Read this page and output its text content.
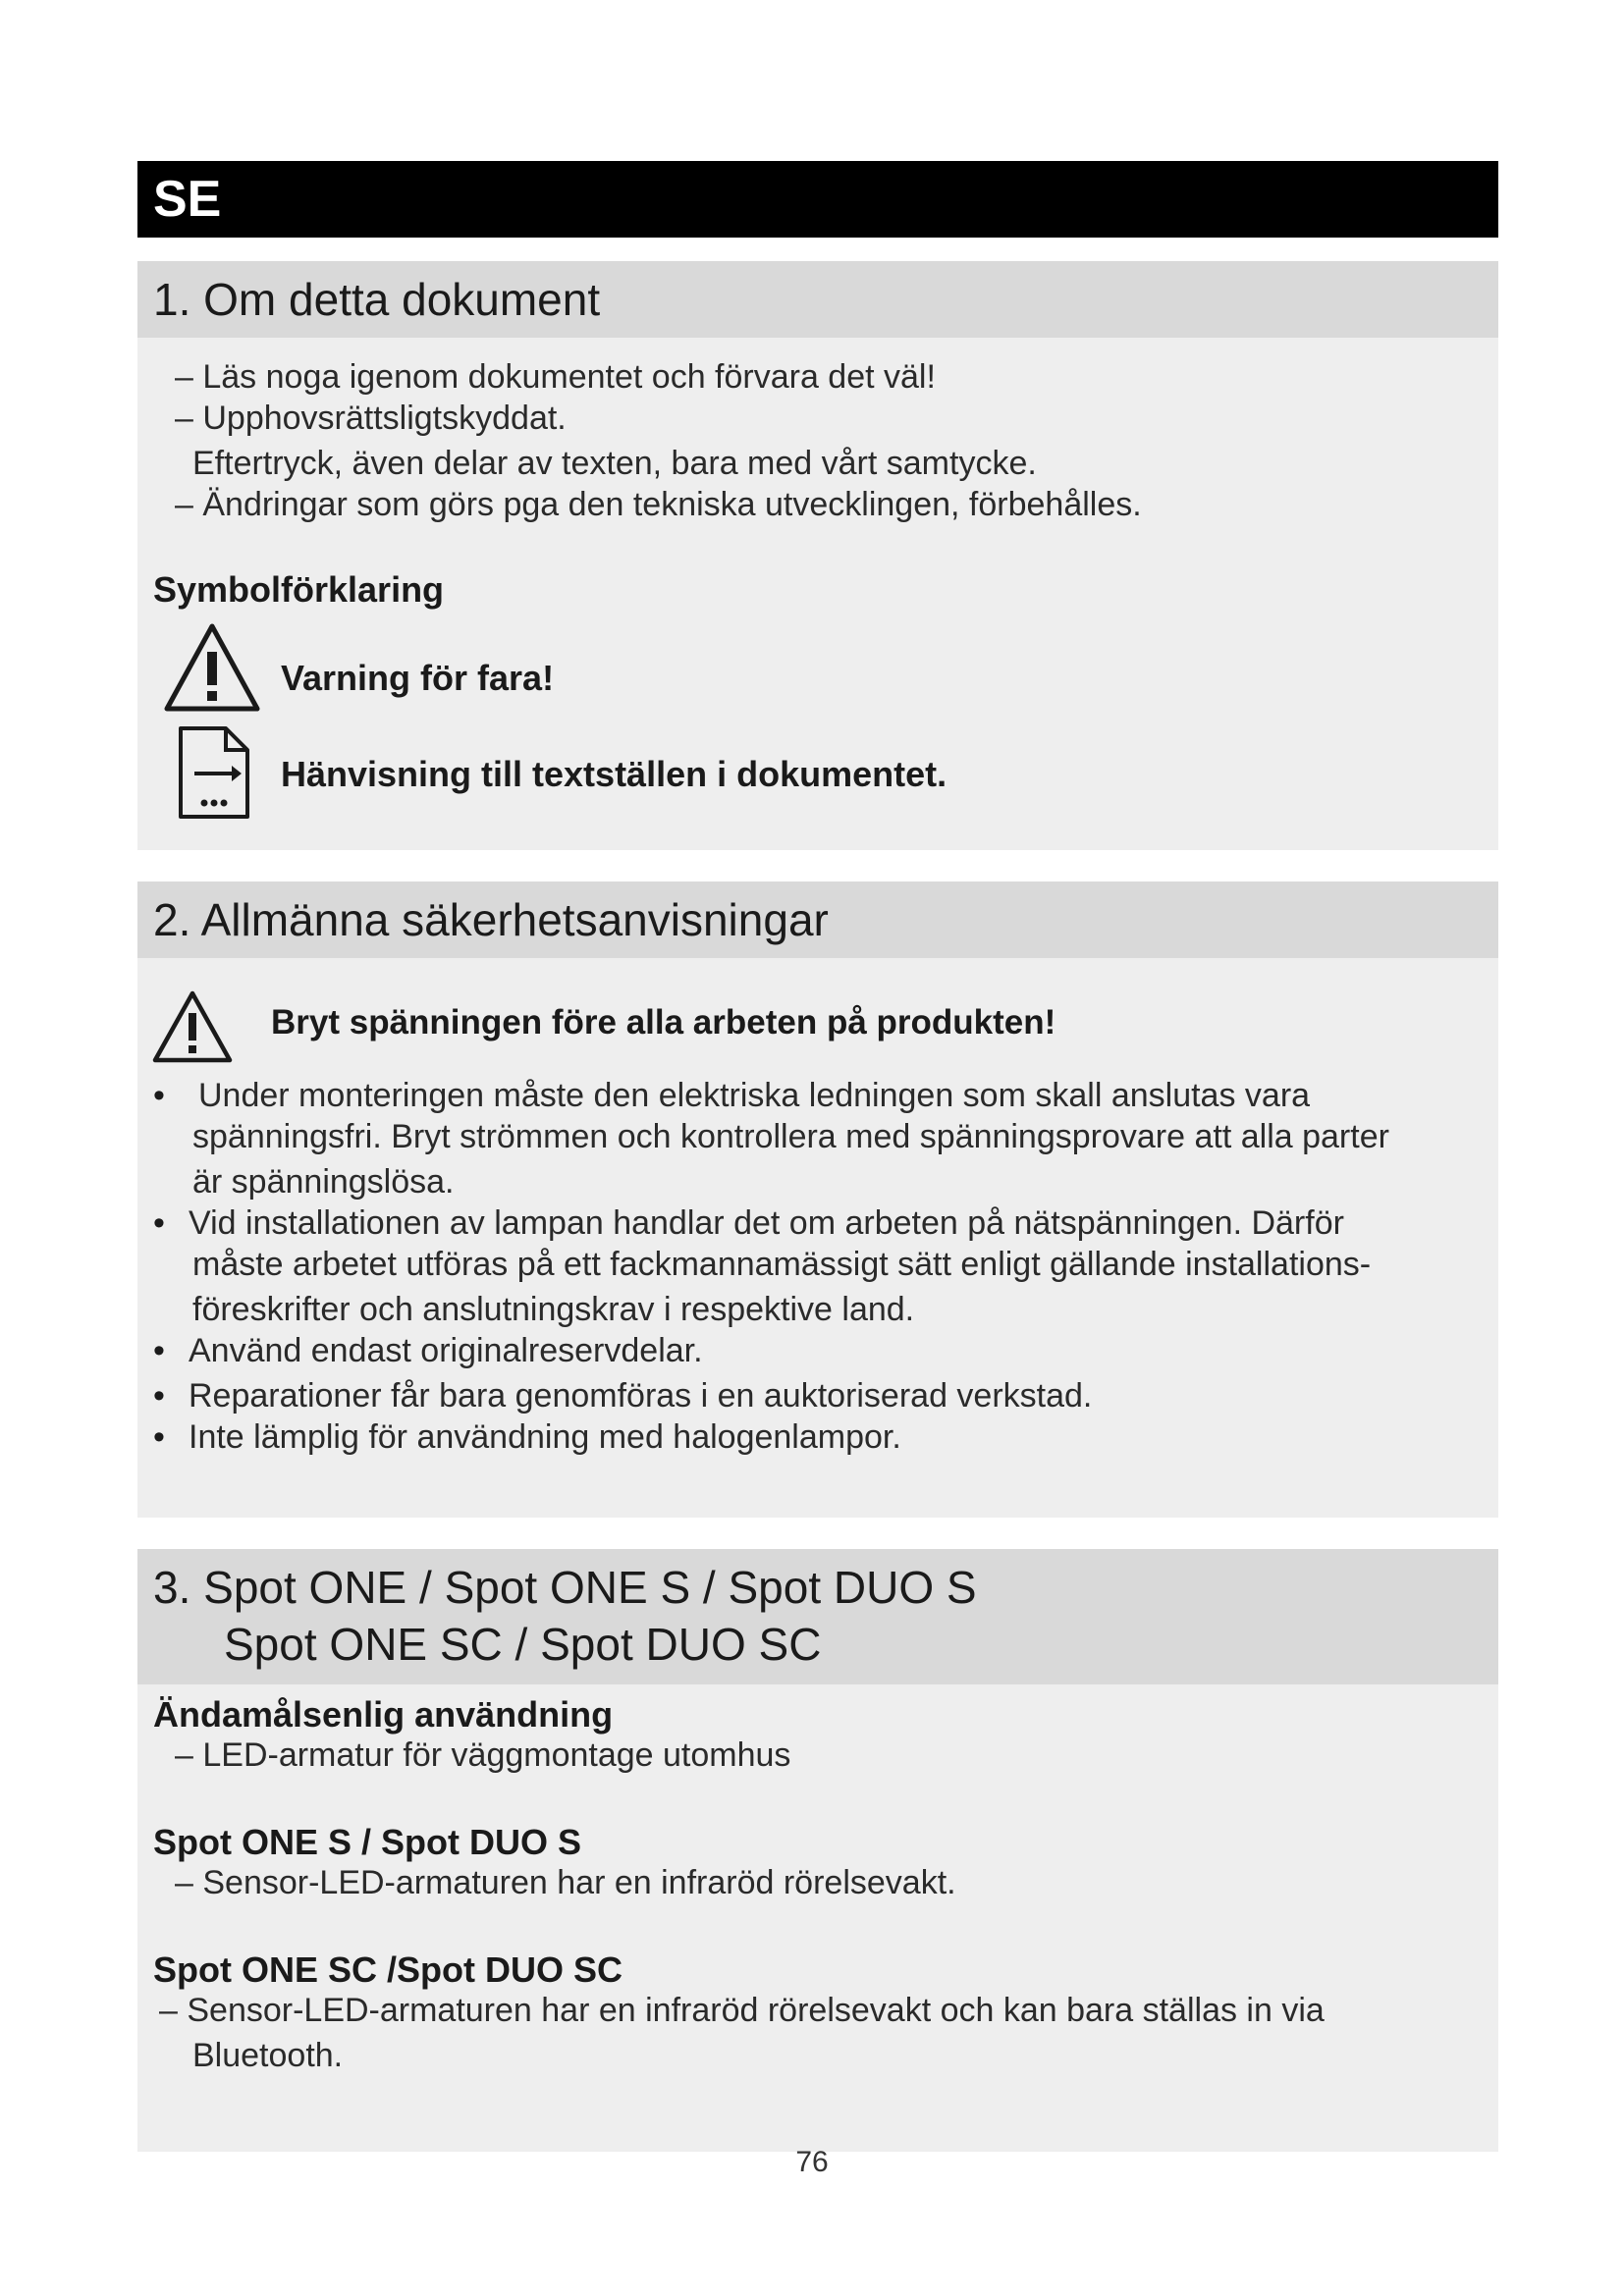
SE
1. Om detta dokument
– Läs noga igenom dokumentet och förvara det väl!
– Upphovsrättsligtskyddat.
Eftertryck, även delar av texten, bara med vårt samtycke.
– Ändringar som görs pga den tekniska utvecklingen, förbehålles.
Symbolförklaring
Varning för fara!
Hänvisning till textställen i dokumentet.
2. Allmänna säkerhetsanvisningar
Bryt spänningen före alla arbeten på produkten!
• Under monteringen måste den elektriska ledningen som skall anslutas vara
spänningsfri. Bryt strömmen och kontrollera med spänningsprovare att alla parter
är spänningslösa.
• Vid installationen av lampan handlar det om arbeten på nätspänningen. Därför
måste arbetet utföras på ett fackmannamässigt sätt enligt gällande installations-
föreskrifter och anslutningskrav i respektive land.
• Använd endast originalreservdelar.
• Reparationer får bara genomföras i en auktoriserad verkstad.
• Inte lämplig för användning med halogenlampor.
3. Spot ONE / Spot ONE S / Spot DUO S
Spot ONE SC / Spot DUO SC
Ändamålsenlig användning
– LED-armatur för väggmontage utomhus
Spot ONE S / Spot DUO S
– Sensor-LED-armaturen har en infraröd rörelsevakt.
Spot ONE SC /Spot DUO SC
– Sensor-LED-armaturen har en infraröd rörelsevakt och kan bara ställas in via
Bluetooth.
76
